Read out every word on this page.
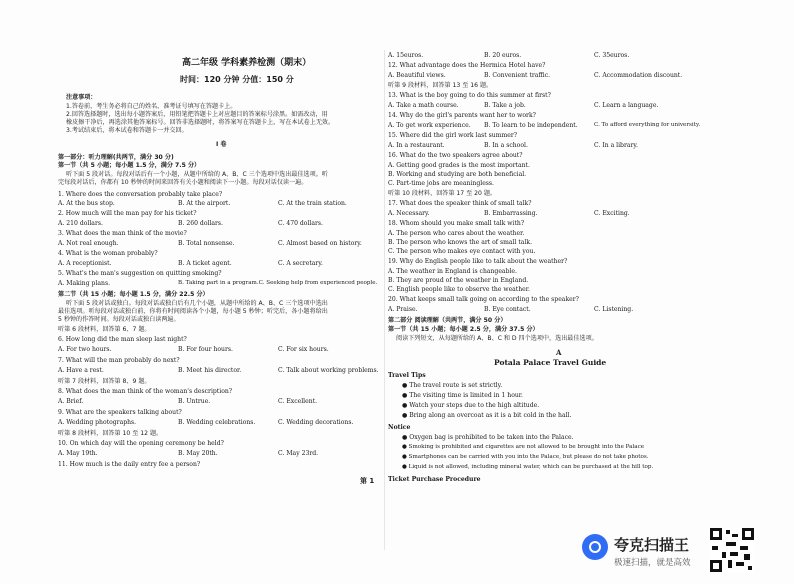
高二年级 学科素养检测（期末）
时间：120 分钟 分值：150 分
注意事项：
1.答卷前，考生务必将自己的姓名、准考证号填写在答题卡上。
2.回答选择题时，选出每小题答案后，用铅笔把答题卡上对应题目的答案标号涂黑。如需改动，用
橡皮擦干净后，再选涂其他答案标号。回答非选择题时，将答案写在答题卡上，写在本试卷上无效。
3.考试结束后，将本试卷和答题卡一并交回。
I 卷
第一部分：听力理解(共两节，满分 30 分)
第一节（共 5 小题；每小题 1.5 分，满分 7.5 分）
听下面 5 段对话。每段对话后有一个小题，从题中所给的 A、B、C 三个选项中选出最佳选项。听
完每段对话后，你都有 10 秒钟的时间来回答有关小题和阅读下一小题。每段对话仅读一遍。
1. Where does the conversation probably take place?
A. At the bus stop.	B. At the airport.	C. At the train station.
2. How much will the man pay for his ticket?
A. 210 dollars.	B. 260 dollars.	C. 470 dollars.
3. What does the man think of the movie?
A. Not real enough.	B. Total nonsense.	C. Almost based on history.
4. What is the woman probably?
A. A receptionist.	B. A ticket agent.	C. A secretary.
5. What's the man's suggestion on quitting smoking?
A. Making plans.	B. Taking part in a program.C. Seeking help from experienced people.
第二节（共 15 小题；每小题 1.5 分，满分 22.5 分）
听下面 5 段对话或独白。每段对话或独白后有几个小题，从题中所给的 A、B、C 三个选项中选出
最佳选项。听每段对话或独白前，你将有时间阅读各个小题，每小题 5 秒钟；听完后，各小题将给出
5 秒钟的作答时间。每段对话或独白读两遍。
听第 6 段材料，回答第 6、7 题。
6. How long did the man sleep last night?
A. For two hours.	B. For four hours.	C. For six hours.
7. What will the man probably do next?
A. Have a rest.	B. Meet his director.	C. Talk about working problems.
听第 7 段材料，回答第 8、9 题。
8. What does the man think of the woman's description?
A. Brief.	B. Untrue.	C. Excellent.
9. What are the speakers talking about?
A. Wedding photographs.	B. Wedding celebrations.	C. Wedding decorations.
听第 8 段材料，回答第 10 至 12 题。
10. On which day will the opening ceremony be held?
A. May 19th.	B. May 20th.	C. May 23rd.
11. How much is the daily entry fee a person?
第 1
A. 15euros.	B. 20 euros.	C. 35euros.
12. What advantage does the Hermica Hotel have?
A. Beautiful views.	B. Convenient traffic.	C. Accommodation discount.
听第 9 段材料，回答第 13 至 16 题。
13. What is the boy going to do this summer at first?
A. Take a math course.	B. Take a job.	C. Learn a language.
14. Why do the girl's parents want her to work?
A. To get work experience. B. To learn to be independent.	C. To afford everything for university.
15. Where did the girl work last summer?
A. In a restaurant.	B. In a school.	C. In a library.
16. What do the two speakers agree about?
A. Getting good grades is the most important.
B. Working and studying are both beneficial.
C. Part-time jobs are meaningless.
听第 10 段材料，回答第 17 至 20 题。
17. What does the speaker think of small talk?
A. Necessary.	B. Embarrassing.	C. Exciting.
18. Whom should you make small talk with?
A. The person who cares about the weather.
B. The person who knows the art of small talk.
C. The person who makes eye contact with you.
19. Why do English people like to talk about the weather?
A. The weather in England is changeable.
B. They are proud of the weather in England.
C. English people like to observe the weather.
20. What keeps small talk going on according to the speaker?
A. Praise.	B. Eye contact.	C. Listening.
第二部分 阅读理解（共两节，满分 50 分）
第一节（共 15 小题；每小题 2.5 分，满分 37.5 分）
阅读下列短文，从每题所给的 A、B、C 和 D 四个选项中，选出最佳选项。
A
Potala Palace Travel Guide
Travel Tips
● The travel route is set strictly.
● The visiting time is limited in 1 hour.
● Watch your steps due to the high altitude.
● Bring along an overcoat as it is a bit cold in the hall.
Notice
● Oxygen bag is prohibited to be taken into the Palace.
● Smoking is prohibited and cigarettes are not allowed to be brought into the Palace
● Smartphones can be carried with you into the Palace, but please do not take photos.
● Liquid is not allowed, including mineral water, which can be purchased at the hill top.
Ticket Purchase Procedure
夸克扫描王
极速扫描，就是高效
